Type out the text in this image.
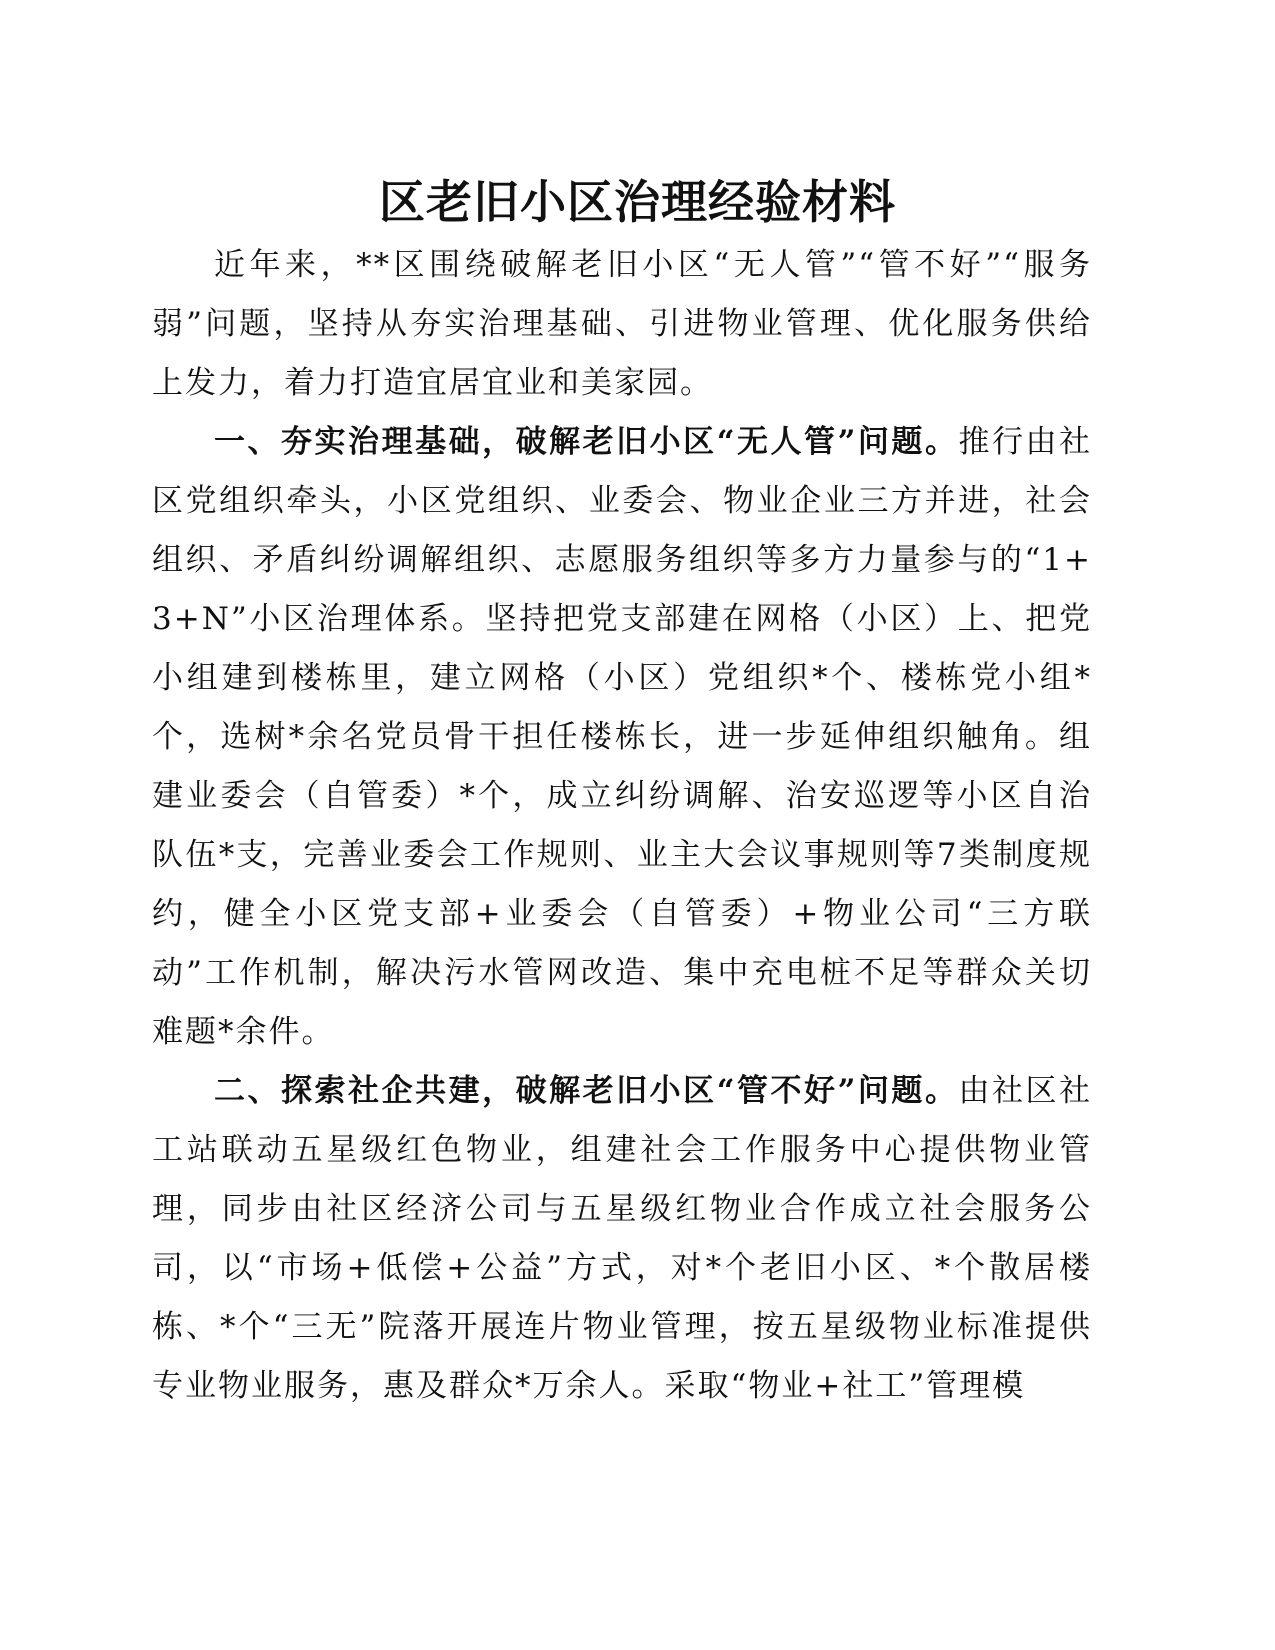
区老旧小区治理经验材料

近年来，**区围绕破解老旧小区“无人管”“管不好”“服务弱”问题，坚持从夯实治理基础、引进物业管理、优化服务供给上发力，着力打造宜居宜业和美家园。

一、夯实治理基础，破解老旧小区“无人管”问题。推行由社区党组织牵头，小区党组织、业委会、物业企业三方并进，社会组织、矛盾纠纷调解组织、志愿服务组织等多方力量参与的“1+3+N”小区治理体系。坚持把党支部建在网格（小区）上、把党小组建到楼栋里，建立网格（小区）党组织*个、楼栋党小组*个，选树*余名党员骨干担任楼栋长，进一步延伸组织触角。组建业委会（自管委）*个，成立纠纷调解、治安巡逻等小区自治队伍*支，完善业委会工作规则、业主大会议事规则等7类制度规约，健全小区党支部+业委会（自管委）+物业公司“三方联动”工作机制，解决污水管网改造、集中充电桩不足等群众关切难题*余件。

二、探索社企共建，破解老旧小区“管不好”问题。由社区社工站联动五星级红色物业，组建社会工作服务中心提供物业管理，同步由社区经济公司与五星级红物业合作成立社会服务公司，以“市场+低偿+公益”方式，对*个老旧小区、*个散居楼栋、*个“三无”院落开展连片物业管理，按五星级物业标准提供专业物业服务，惠及群众*万余人。采取“物业+社工”管理模
